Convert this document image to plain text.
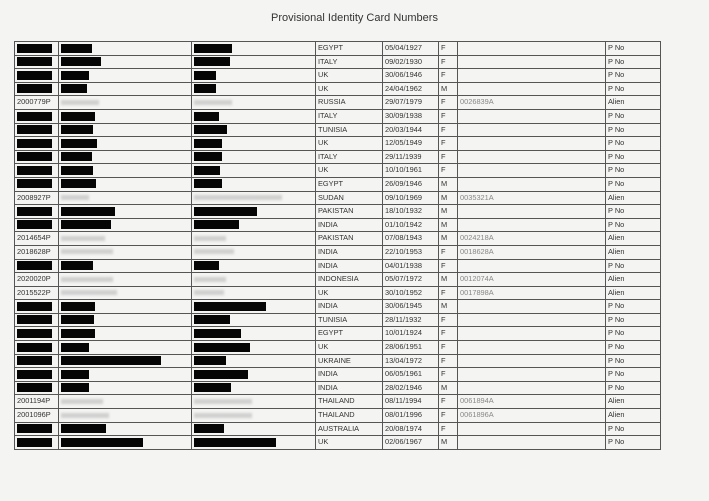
Provisional Identity Card Numbers
			EGYPT	05/04/1927	F		P No
			ITALY	09/02/1930	F		P No
			UK	30/06/1946	F		P No
			UK	24/04/1962	M		P No
2000779P			RUSSIA	29/07/1979	F	0026839A	Alien
			ITALY	30/09/1938	F		P No
			TUNISIA	20/03/1944	F		P No
			UK	12/05/1949	F		P No
			ITALY	29/11/1939	F		P No
			UK	10/10/1961	F		P No
			EGYPT	26/09/1946	M		P No
2008927P			SUDAN	09/10/1969	M	0035321A	Alien
			PAKISTAN	18/10/1932	M		P No
			INDIA	01/10/1942	M		P No
2014654P			PAKISTAN	07/08/1943	M	0024218A	Alien
2018628P			INDIA	22/10/1953	F	0018628A	Alien
			INDIA	04/01/1938	F		P No
2020020P			INDONESIA	05/07/1972	M	0012074A	Alien
2015522P			UK	30/10/1952	F	0017898A	Alien
			INDIA	30/06/1945	M		P No
			TUNISIA	28/11/1932	F		P No
			EGYPT	10/01/1924	F		P No
			UK	28/06/1951	F		P No
			UKRAINE	13/04/1972	F		P No
			INDIA	06/05/1961	F		P No
			INDIA	28/02/1946	M		P No
2001194P			THAILAND	08/11/1994	F	0061894A	Alien
2001096P			THAILAND	08/01/1996	F	0061896A	Alien
			AUSTRALIA	20/08/1974	F		P No
			UK	02/06/1967	M		P No
